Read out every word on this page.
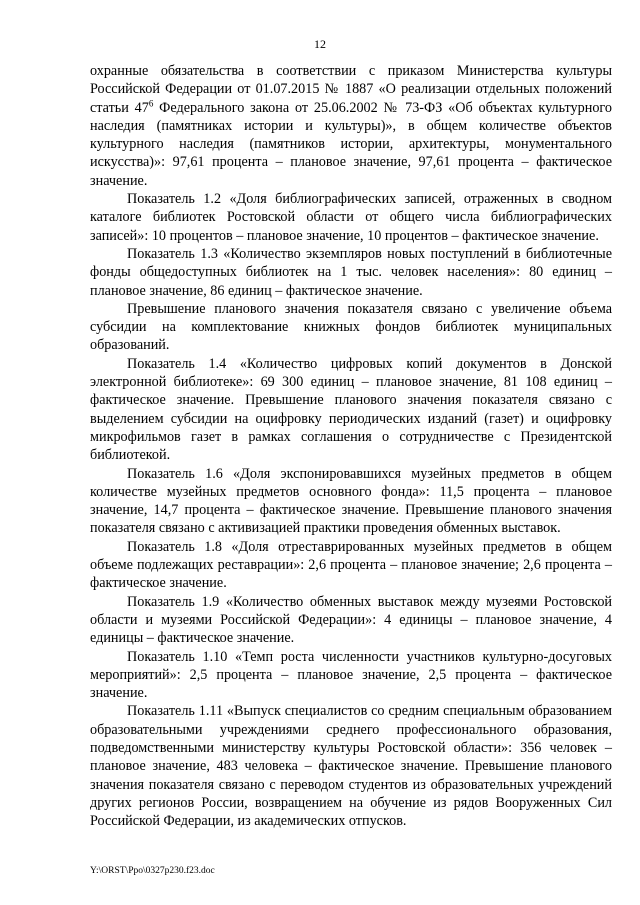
12

охранные обязательства в соответствии с приказом Министерства культуры Российской Федерации от 01.07.2015 № 1887 «О реализации отдельных положений статьи $47^6$ Федерального закона от 25.06.2002 № 73-ФЗ «Об объектах культурного наследия (памятниках истории и культуры)», в общем количестве объектов культурного наследия (памятников истории, архитектуры, монументального искусства)»: 97,61 процента – плановое значение, 97,61 процента – фактическое значение.

Показатель 1.2 «Доля библиографических записей, отраженных в сводном каталоге библиотек Ростовской области от общего числа библиографических записей»: 10 процентов – плановое значение, 10 процентов – фактическое значение.

Показатель 1.3 «Количество экземпляров новых поступлений в библиотечные фонды общедоступных библиотек на 1 тыс. человек населения»: 80 единиц – плановое значение, 86 единиц – фактическое значение.

Превышение планового значения показателя связано с увеличение объема субсидии на комплектование книжных фондов библиотек муниципальных образований.

Показатель 1.4 «Количество цифровых копий документов в Донской электронной библиотеке»: 69 300 единиц – плановое значение, 81 108 единиц – фактическое значение. Превышение планового значения показателя связано с выделением субсидии на оцифровку периодических изданий (газет) и оцифровку микрофильмов газет в рамках соглашения о сотрудничестве с Президентской библиотекой.

Показатель 1.6 «Доля экспонировавшихся музейных предметов в общем количестве музейных предметов основного фонда»: 11,5 процента – плановое значение, 14,7 процента – фактическое значение. Превышение планового значения показателя связано с активизацией практики проведения обменных выставок.

Показатель 1.8 «Доля отреставрированных музейных предметов в общем объеме подлежащих реставрации»: 2,6 процента – плановое значение; 2,6 процента – фактическое значение.

Показатель 1.9 «Количество обменных выставок между музеями Ростовской области и музеями Российской Федерации»: 4 единицы – плановое значение, 4 единицы – фактическое значение.

Показатель 1.10 «Темп роста численности участников культурно-досуговых мероприятий»: 2,5 процента – плановое значение, 2,5 процента – фактическое значение.

Показатель 1.11 «Выпуск специалистов со средним специальным образованием образовательными учреждениями среднего профессионального образования, подведомственными министерству культуры Ростовской области»: 356 человек – плановое значение, 483 человека – фактическое значение. Превышение планового значения показателя связано с переводом студентов из образовательных учреждений других регионов России, возвращением на обучение из рядов Вооруженных Сил Российской Федерации, из академических отпусков.

Y:\ORST\Ppo\0327p230.f23.doc
